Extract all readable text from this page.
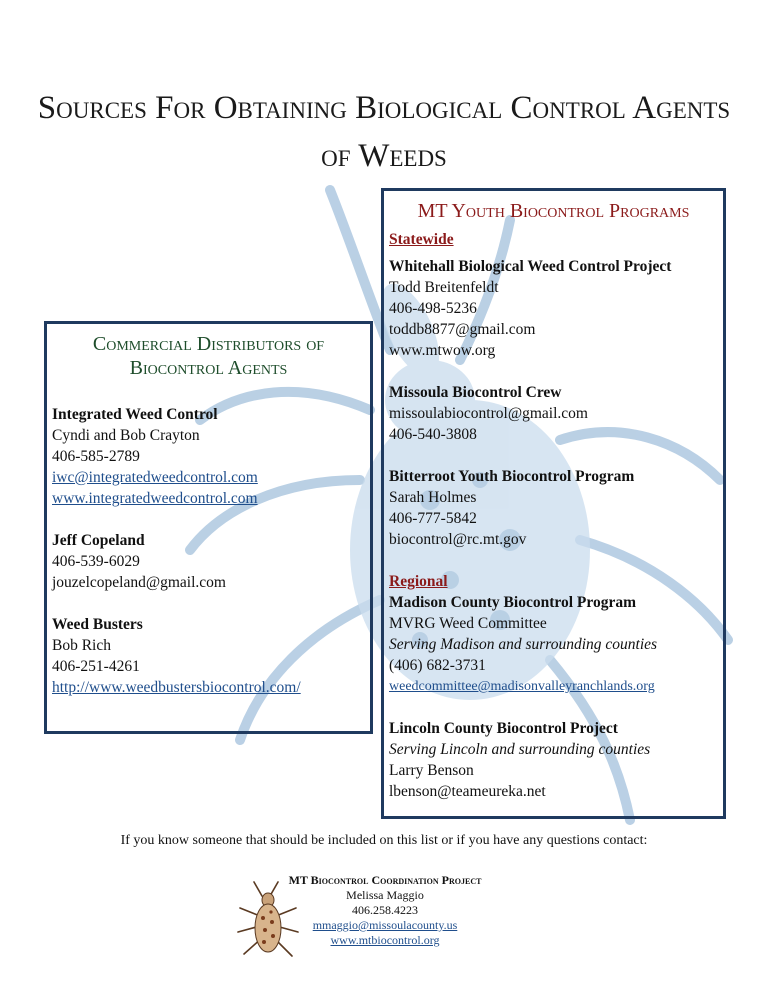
Sources For Obtaining Biological Control Agents of Weeds
Commercial Distributors of Biocontrol Agents
Integrated Weed Control
Cyndi and Bob Crayton
406-585-2789
iwc@integratedweedcontrol.com
www.integratedweedcontrol.com
Jeff Copeland
406-539-6029
jouzelcopeland@gmail.com
Weed Busters
Bob Rich
406-251-4261
http://www.weedbustersbiocontrol.com/
MT Youth Biocontrol Programs
Statewide
Whitehall Biological Weed Control Project
Todd Breitenfeldt
406-498-5236
toddb8877@gmail.com
www.mtwow.org
Missoula Biocontrol Crew
missoulabiocontrol@gmail.com
406-540-3808
Bitterroot Youth Biocontrol Program
Sarah Holmes
406-777-5842
biocontrol@rc.mt.gov
Regional
Madison County Biocontrol Program
MVRG Weed Committee
Serving Madison and surrounding counties
(406) 682-3731
weedcommittee@madisonvalleyranchlands.org
Lincoln County Biocontrol Project
Serving Lincoln and surrounding counties
Larry Benson
lbenson@teameureka.net
If you know someone that should be included on this list or if you have any questions contact:
MT Biocontrol Coordination Project
Melissa Maggio
406.258.4223
mmaggio@missoulacounty.us
www.mtbiocontrol.org
